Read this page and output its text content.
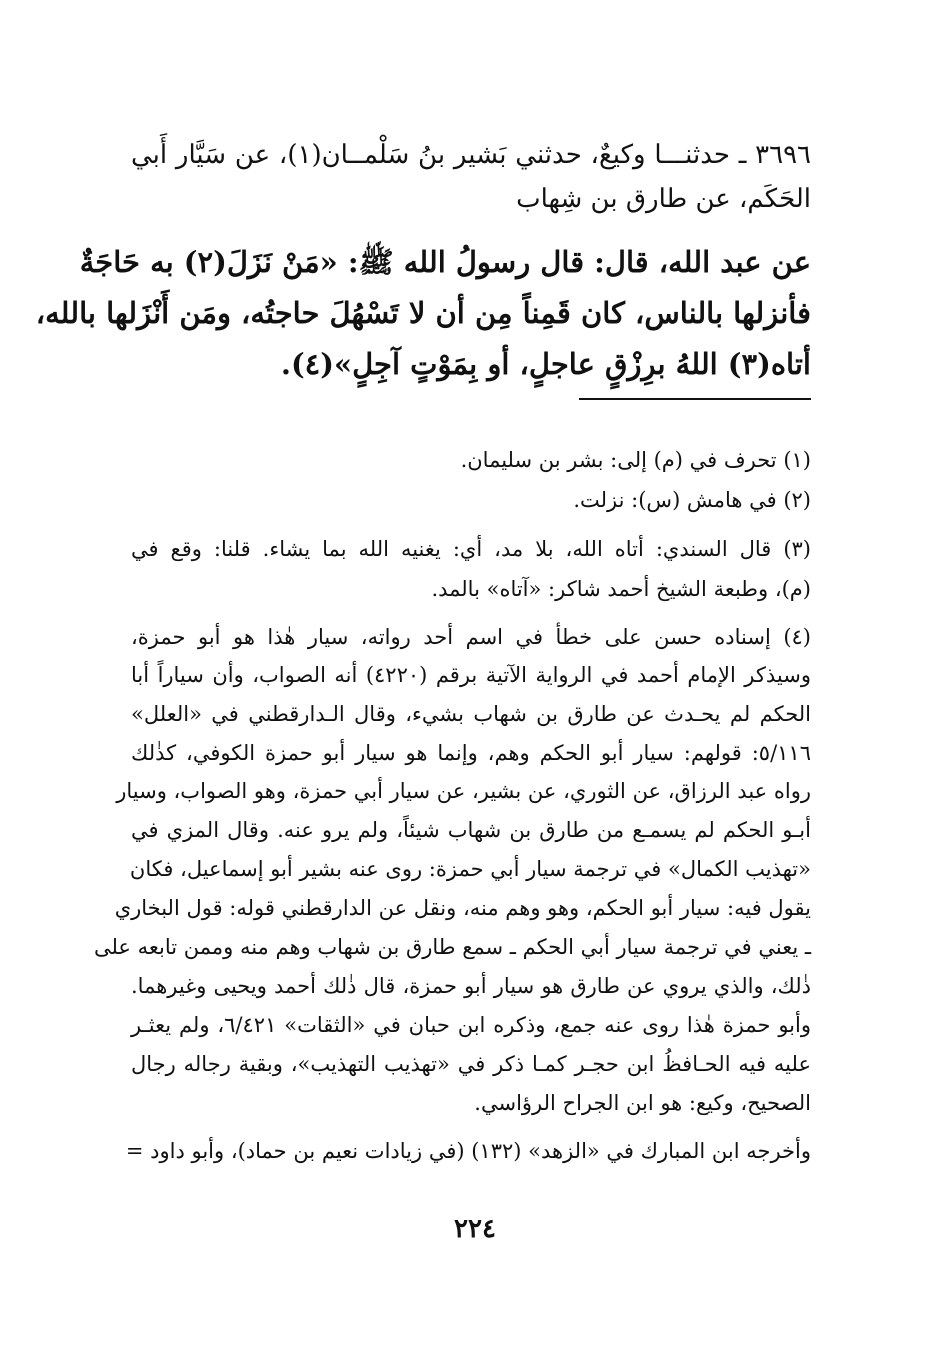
٣٦٩٦ ـ حدثنـــا وكيعٌ، حدثني بَشير بنُ سَلْمــان(١)، عن سَيَّار أَبي
الحَكَم، عن طارق بن شِهاب
عن عبد الله، قال: قال رسولُ الله ﷺ: «مَنْ نَزَلَ(٢) به حَاجَةٌ
فأنزلها بالناس، كان قَمِناً مِن أن لا تَسْهُلَ حاجتُه، ومَن أَنْزَلها بالله،
أتاه(٣) اللهُ برِزْقٍ عاجلٍ، أو بِمَوْتٍ آجِلٍ»(٤).
(١) تحرف في (م) إلى: بشر بن سليمان.
(٢) في هامش (س): نزلت.
(٣) قال السندي: أتاه الله، بلا مد، أي: يغنيه الله بما يشاء. قلنا: وقع في
(م)، وطبعة الشيخ أحمد شاكر: «آتاه» بالمد.
(٤) إسناده حسن على خطأ في اسم أحد رواته، سيار هٰذا هو أبو حمزة،
وسيذكر الإمام أحمد في الرواية الآتية برقم (٤٢٢٠) أنه الصواب، وأن سياراً أبا
الحكم لم يحـدث عن طارق بن شهاب بشيء، وقال الـدارقطني في «العلل»
٥/١١٦: قولهم: سيار أبو الحكم وهم، وإنما هو سيار أبو حمزة الكوفي، كذٰلك
رواه عبد الرزاق، عن الثوري، عن بشير، عن سيار أبي حمزة، وهو الصواب، وسيار
أبـو الحكم لم يسمـع من طارق بن شهاب شيئاً، ولم يرو عنه. وقال المزي في
«تهذيب الكمال» في ترجمة سيار أبي حمزة: روى عنه بشير أبو إسماعيل، فكان
يقول فيه: سيار أبو الحكم، وهو وهم منه، ونقل عن الدارقطني قوله: قول البخاري
ـ يعني في ترجمة سيار أبي الحكم ـ سمع طارق بن شهاب وهم منه وممن تابعه على
ذٰلك، والذي يروي عن طارق هو سيار أبو حمزة، قال ذٰلك أحمد ويحيى وغيرهما.
وأبو حمزة هٰذا روى عنه جمع، وذكره ابن حبان في «الثقات» ٦/٤٢١، ولم يعثـر
عليه فيه الحـافظُ ابن حجـر كمـا ذكر في «تهذيب التهذيب»، وبقية رجاله رجال
الصحيح، وكيع: هو ابن الجراح الرؤاسي.
وأخرجه ابن المبارك في «الزهد» (١٣٢) (في زيادات نعيم بن حماد)، وأبو داود =
٢٢٤
